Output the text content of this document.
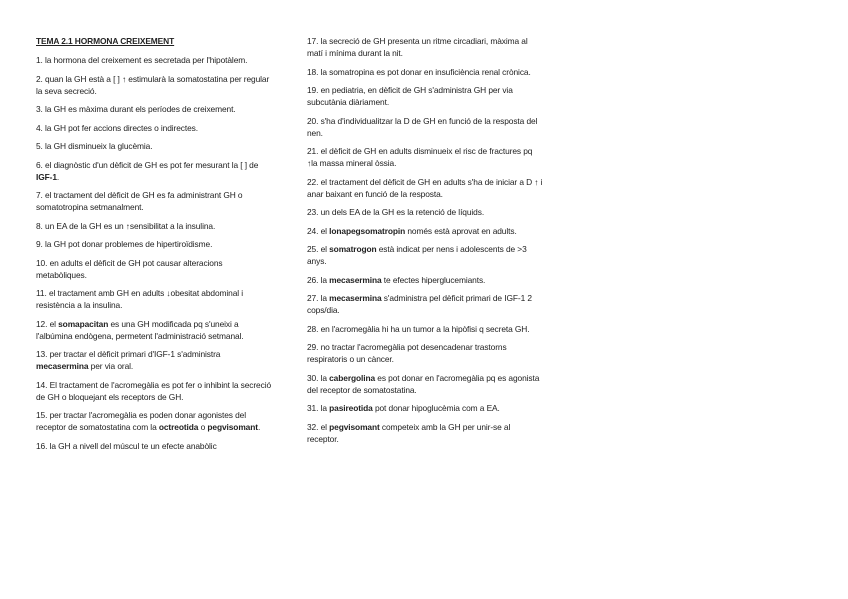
TEMA 2.1 HORMONA CREIXEMENT
1. la hormona del creixement es secretada per l'hipotàlem.
2. quan la GH està a [ ] ↑ estimularà la somatostatina per regular la seva secreció.
3. la GH es màxima durant els períodes de creixement.
4. la GH pot fer accions directes o indirectes.
5. la GH disminueix la glucèmia.
6. el diagnòstic d'un dèficit de GH es pot fer mesurant la [ ] de IGF-1.
7. el tractament del dèficit de GH es fa administrant GH o somatotropina setmanalment.
8. un EA de la GH es un ↑sensibilitat a la insulina.
9. la GH pot donar problemes de hipertiroïdisme.
10. en adults el dèficit de GH pot causar alteracions metabòliques.
11. el tractament amb GH en adults ↓obesitat abdominal i resistència a la insulina.
12. el somapacitan es una GH modificada pq s'uneixi a l'albúmina endògena, permetent l'administració setmanal.
13. per tractar el dèficit primari d'IGF-1 s'administra mecasermina per via oral.
14. El tractament de l'acromegàlia es pot fer o inhibint la secreció de GH o bloquejant els receptors de GH.
15. per tractar l'acromegàlia es poden donar agonistes del receptor de somatostatina com la octreotida o pegvisomant.
16. la GH a nivell del múscul te un efecte anabòlic
17. la secreció de GH presenta un ritme circadiari, màxima al matí i mínima durant la nit.
18. la somatropina es pot donar en insuficiència renal crònica.
19. en pediatria, en dèficit de GH s'administra GH per via subcutània diàriament.
20. s'ha d'individualitzar la D de GH en funció de la resposta del nen.
21. el dèficit de GH en adults disminueix el risc de fractures pq ↑la massa mineral òssia.
22. el tractament del dèficit de GH en adults s'ha de iniciar a D ↑ i anar baixant en funció de la resposta.
23. un dels EA de la GH es la retenció de líquids.
24. el lonapegsomatropin només està aprovat en adults.
25. el somatrogon està indicat per nens i adolescents de >3 anys.
26. la mecasermina te efectes hiperglucemiants.
27. la mecasermina s'administra pel dèficit primari de IGF-1 2 cops/dia.
28. en l'acromegàlia hi ha un tumor a la hipòfisi q secreta GH.
29. no tractar l'acromegàlia pot desencadenar trastorns respiratoris o un càncer.
30. la cabergolina es pot donar en l'acromegàlia pq es agonista del receptor de somatostatina.
31. la pasireotida pot donar hipoglucèmia com a EA.
32. el pegvisomant competeix amb la GH per unir-se al receptor.
